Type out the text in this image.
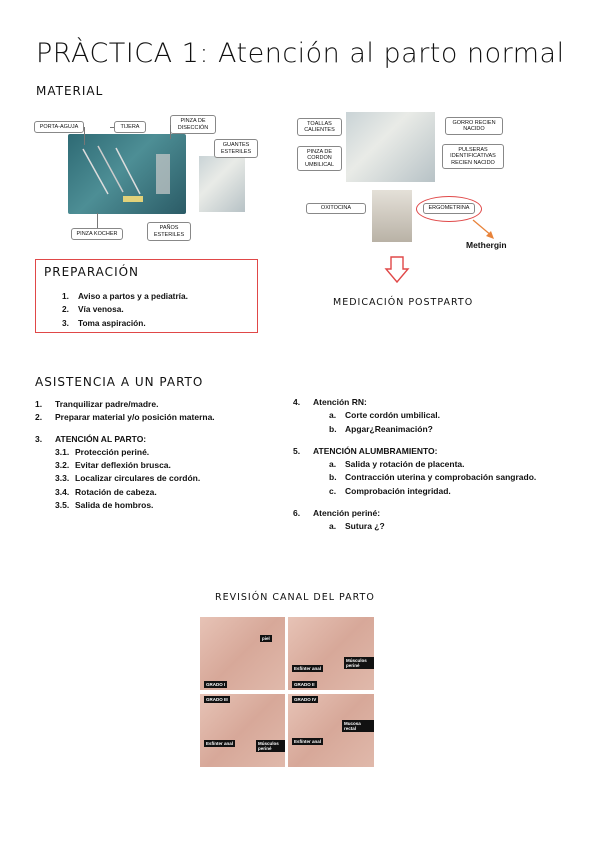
PRÀCTICA 1: Atención al parto normal
MATERIAL
PORTA-AGUJA	TIJERA
PINZA DE DISECCIÓN
GUANTES ESTERILES
PINZA KOCHER
PAÑOS ESTERILES
TOALLAS CALIENTES
GORRO RECIEN NACIDO
PINZA DE CORDON UMBILICAL
PULSERAS IDENTIFICATIVAS RECIEN NACIDO
OXITOCINA	ERGOMETRINA
Methergin
MEDICACIÓN POSTPARTO
PREPARACIÓN
1. Aviso a partos y a pediatría.
2. Vía venosa.
3. Toma aspiración.
ASISTENCIA A UN PARTO
1. Tranquilizar padre/madre.
2. Preparar material y/o posición materna.
3. ATENCIÓN AL PARTO:
3.1. Protección periné.
3.2. Evitar deflexión brusca.
3.3. Localizar circulares de cordón.
3.4. Rotación de cabeza.
3.5. Salida de hombros.
4. Atención RN:
a. Corte cordón umbilical.
b. Apgar¿Reanimación?
5. ATENCIÓN ALUMBRAMIENTO:
a. Salida y rotación de placenta.
b. Contracción uterina y comprobación sangrado.
c. Comprobación integridad.
6. Atención periné:
a. Sutura ¿?
REVISIÓN CANAL DEL PARTO
piel
GRADO I
Esfínter anal
Músculos periné
GRADO II
GRADO III
Esfínter anal	Músculos periné
GRADO IV
Esfínter anal
Mucosa rectal
